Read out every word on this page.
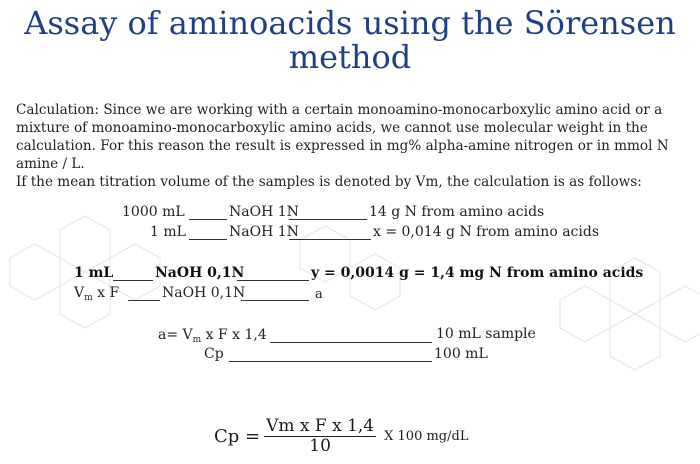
Assay of aminoacids using the Sörensen
method
Calculation: Since we are working with a certain monoamino-monocarboxylic amino acid or a mixture of monoamino-monocarboxylic amino acids, we cannot use molecular weight in the calculation. For this reason the result is expressed in mg% alpha-amine nitrogen or in mmol N amine / L.
If the mean titration volume of the samples is denoted by Vm, the calculation is as follows:
1000 mL	NaOH 1N	14 g N from amino acids
1 mL	NaOH 1N	x = 0,014 g N from amino acids
1 mL	NaOH 0,1N	y = 0,0014 g = 1,4 mg N from amino acids
$V_m$ x F	NaOH 0,1N	a
$a= V_m$ x F x 1,4	10 mL sample
Cp	100 mL
$Cp = \frac{\text{Vm x F x 1,4}}{10}$ X 100 mg/dL
